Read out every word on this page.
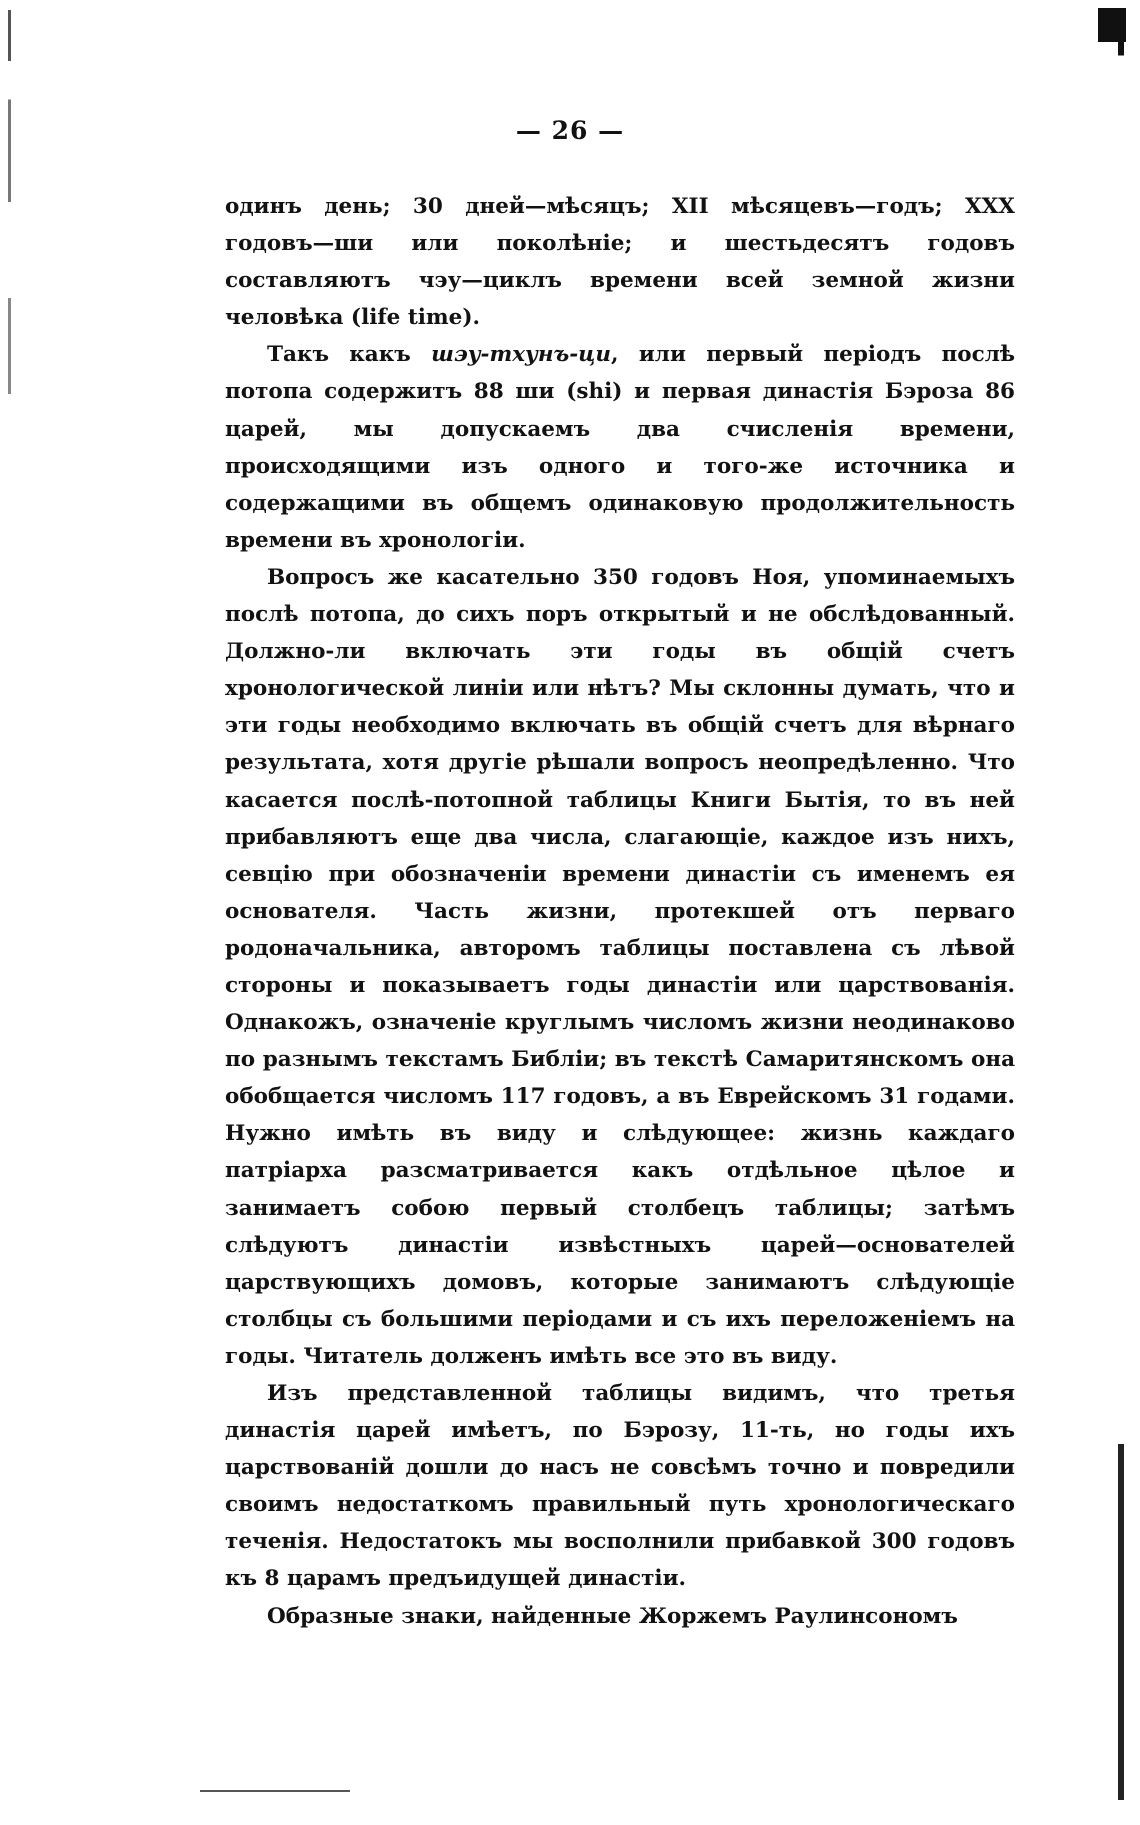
— 26 —

одинъ день; 30 дней—мѣсяцъ; XII мѣсяцевъ—годъ; XXX годовъ—ши или поколѣніе; и шестьдесятъ годовъ составляютъ чэу—циклъ времени всей земной жизни человѣка (life time).

Такъ какъ шэу-тхунъ-ци, или первый періодъ послѣ потопа содержитъ 88 ши (shi) и первая династія Бэроза 86 царей, мы допускаемъ два счисленія времени, происходящими изъ одного и того-же источника и содержащими въ общемъ одинаковую продолжительность времени въ хронологіи.

Вопросъ же касательно 350 годовъ Ноя, упоминаемыхъ послѣ потопа, до сихъ поръ открытый и не обслѣдованный. Должно-ли включать эти годы въ общій счетъ хронологической линіи или нѣтъ? Мы склонны думать, что и эти годы необходимо включать въ общій счетъ для вѣрнаго результата, хотя другіе рѣшали вопросъ неопредѣленно. Что касается послѣ-потопной таблицы Книги Бытія, то въ ней прибавляютъ еще два числа, слагающіе, каждое изъ нихъ, севцію при обозначеніи времени династіи съ именемъ ея основателя. Часть жизни, протекшей отъ перваго родоначальника, авторомъ таблицы поставлена съ лѣвой стороны и показываетъ годы династіи или царствованія. Однакожъ, означеніе круглымъ числомъ жизни неодинаково по разнымъ текстамъ Библіи; въ текстѣ Самаритянскомъ она обобщается числомъ 117 годовъ, а въ Еврейскомъ 31 годами. Нужно имѣть въ виду и слѣдующее: жизнь каждаго патріарха разсматривается какъ отдѣльное цѣлое и занимаетъ собою первый столбецъ таблицы; затѣмъ слѣдуютъ династіи извѣстныхъ царей—основателей царствующихъ домовъ, которые занимаютъ слѣдующіе столбцы съ большими періодами и съ ихъ переложеніемъ на годы. Читатель долженъ имѣть все это въ виду.

Изъ представленной таблицы видимъ, что третья династія царей имѣетъ, по Бэрозу, 11-ть, но годы ихъ царствованій дошли до насъ не совсѣмъ точно и повредили своимъ недостаткомъ правильный путь хронологическаго теченія. Недостатокъ мы восполнили прибавкой 300 годовъ къ 8 царамъ предъидущей династіи.

Образные знаки, найденные Жоржемъ Раулинсономъ
